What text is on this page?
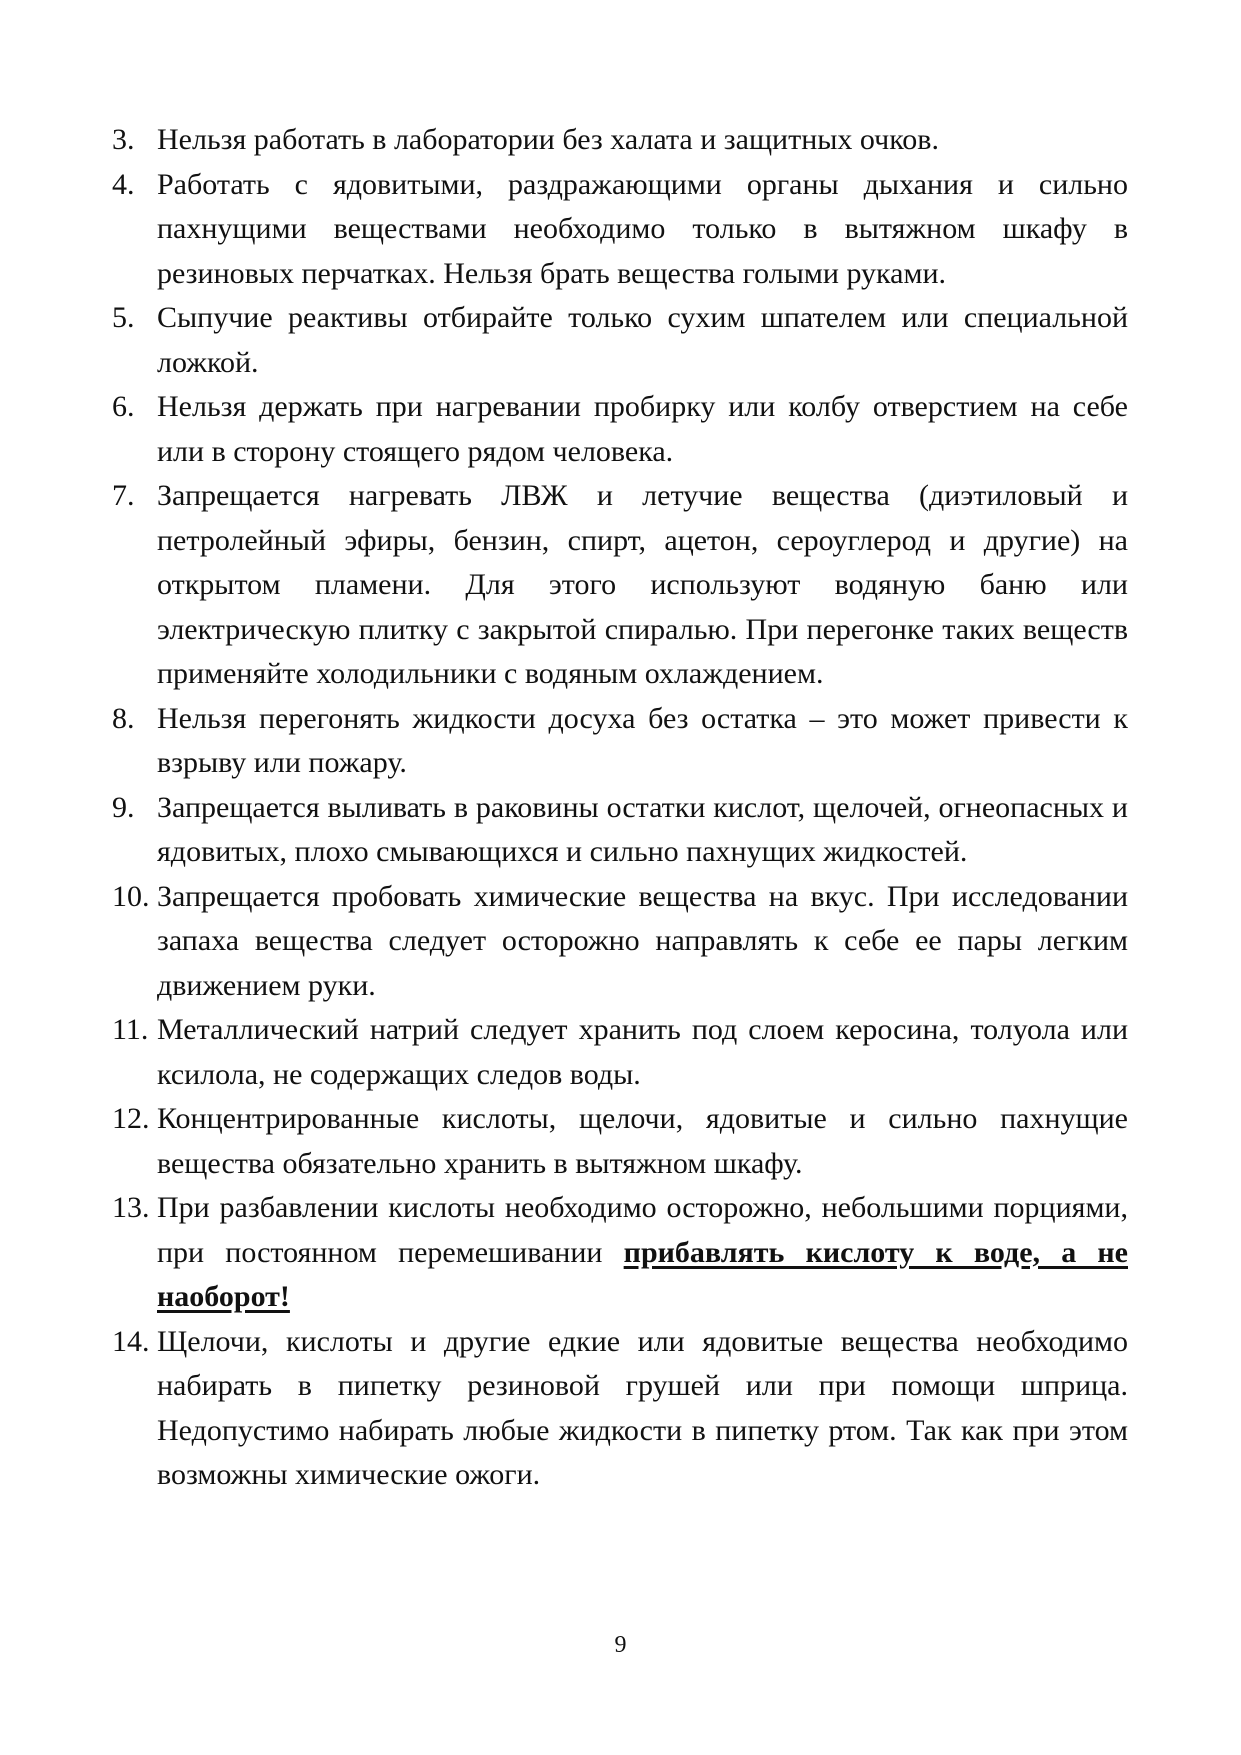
3. Нельзя работать в лаборатории без халата и защитных очков.
4. Работать с ядовитыми, раздражающими органы дыхания и сильно пахнущими веществами необходимо только в вытяжном шкафу в резиновых перчатках. Нельзя брать вещества голыми руками.
5. Сыпучие реактивы отбирайте только сухим шпателем или специальной ложкой.
6. Нельзя держать при нагревании пробирку или колбу отверстием на себе или в сторону стоящего рядом человека.
7. Запрещается нагревать ЛВЖ и летучие вещества (диэтиловый и петролейный эфиры, бензин, спирт, ацетон, сероуглерод и другие) на открытом пламени. Для этого используют водяную баню или электрическую плитку с закрытой спиралью. При перегонке таких веществ применяйте холодильники с водяным охлаждением.
8. Нельзя перегонять жидкости досуха без остатка – это может привести к взрыву или пожару.
9. Запрещается выливать в раковины остатки кислот, щелочей, огнеопасных и ядовитых, плохо смывающихся и сильно пахнущих жидкостей.
10. Запрещается пробовать химические вещества на вкус. При исследовании запаха вещества следует осторожно направлять к себе ее пары легким движением руки.
11. Металлический натрий следует хранить под слоем керосина, толуола или ксилола, не содержащих следов воды.
12. Концентрированные кислоты, щелочи, ядовитые и сильно пахнущие вещества обязательно хранить в вытяжном шкафу.
13. При разбавлении кислоты необходимо осторожно, небольшими порциями, при постоянном перемешивании прибавлять кислоту к воде, а не наоборот!
14. Щелочи, кислоты и другие едкие или ядовитые вещества необходимо набирать в пипетку резиновой грушей или при помощи шприца. Недопустимо набирать любые жидкости в пипетку ртом. Так как при этом возможны химические ожоги.
9
